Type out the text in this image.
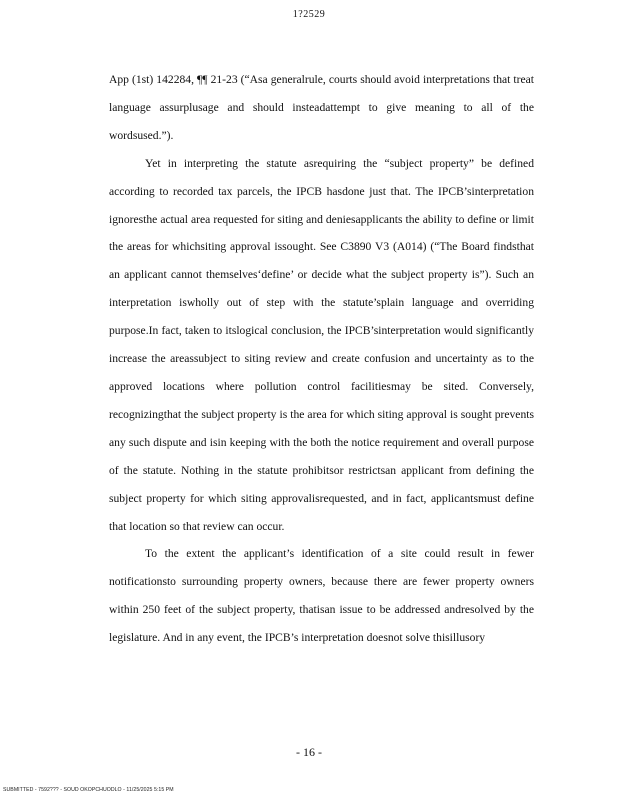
1?2529

App (1st) 142284, ¶¶ 21-23 (“Asa generalrule, courts should avoid interpretations that treat language assurplusage and should insteadattempt to give meaning to all of the wordsused.”).

Yet in interpreting the statute asrequiring the “subject property” be defined according to recorded tax parcels, the IPCB hasdone just that. The IPCB’sinterpretation ignoresthe actual area requested for siting and deniesapplicants the ability to define or limit the areas for whichsiting approval issought. See C3890 V3 (A014) (“The Board findsthat an applicant cannot themselves‘define’ or decide what the subject property is”). Such an interpretation iswholly out of step with the statute’splain language and overriding purpose.In fact, taken to itslogical conclusion, the IPCB’sinterpretation would significantly increase the areassubject to siting review and create confusion and uncertainty as to the approved locations where pollution control facilitiesmay be sited. Conversely, recognizingthat the subject property is the area for which siting approval is sought prevents any such dispute and isin keeping with the both the notice requirement and overall purpose of the statute. Nothing in the statute prohibitsor restrictsan applicant from defining the subject property for which siting approvalisrequested, and in fact, applicantsmust define that location so that review can occur.

To the extent the applicant’s identification of a site could result in fewer notificationsto surrounding property owners, because there are fewer property owners within 250 feet of the subject property, thatisan issue to be addressed andresolved by the legislature. And in any event, the IPCB’s interpretation doesnot solve thisillusory

- 16 -
SUBMITTED - 7592??? - SOUD OKOPCHUODLO - 11/25/2025 5:15 PM
